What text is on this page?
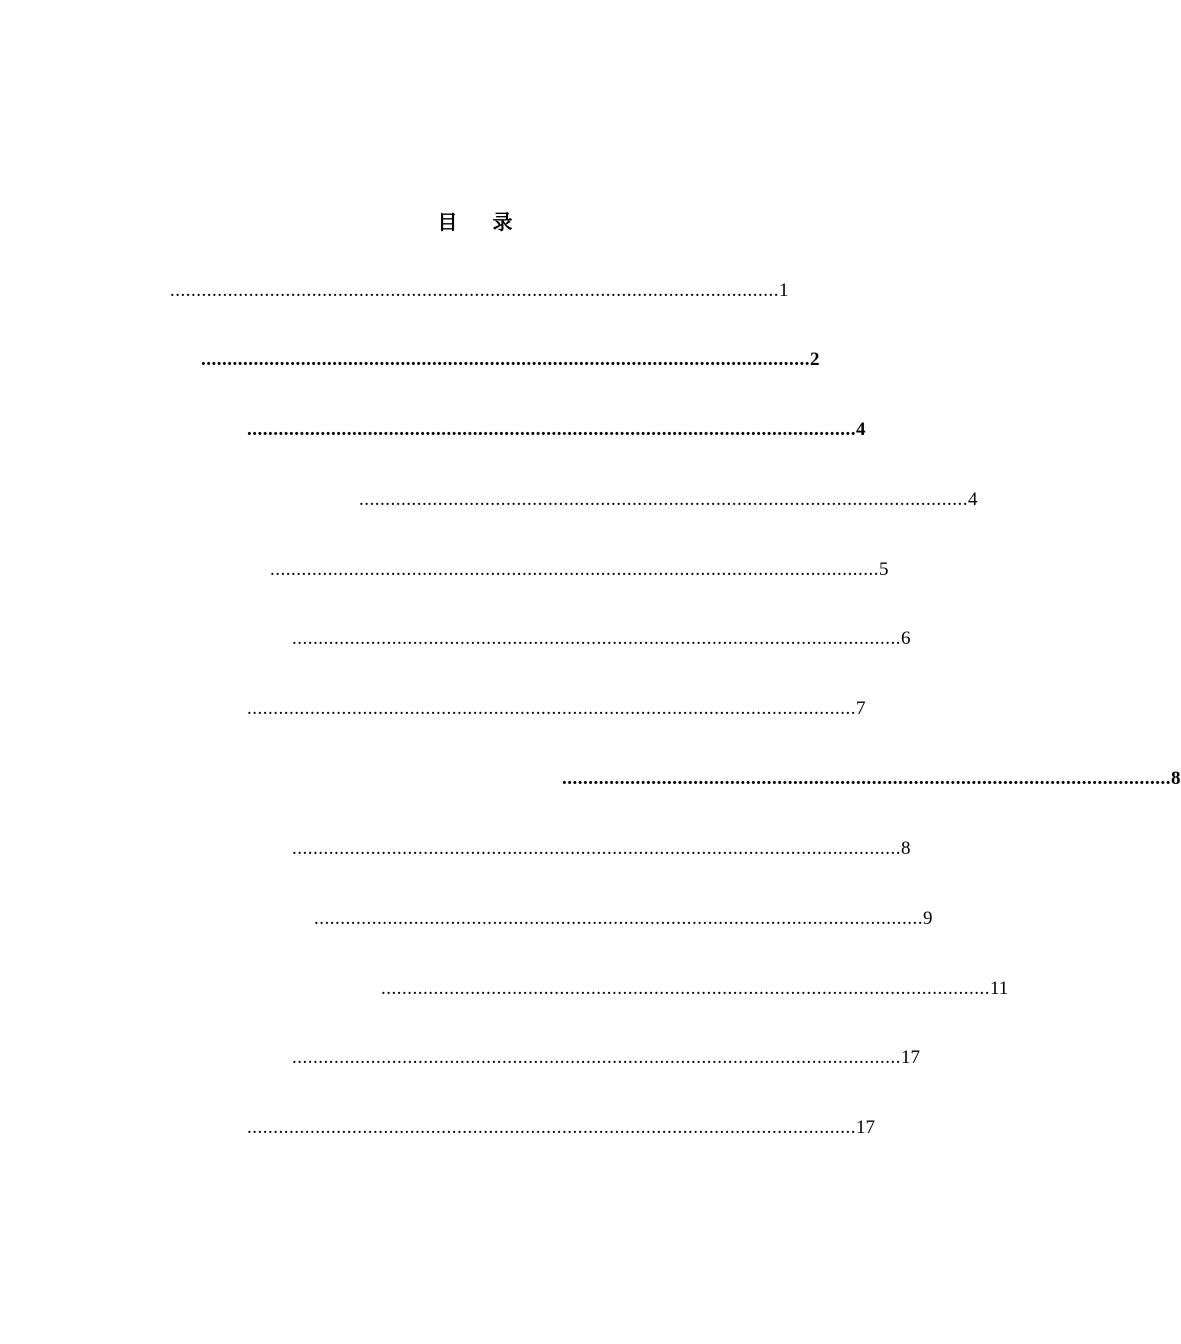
目 录
.................................................................................................................... 1
.................................................................................................................... 2
.................................................................................................................... 4
.................................................................................................................... 4
.................................................................................................................... 5
.................................................................................................................... 6
.................................................................................................................... 7
.................................................................................................................... 8
.................................................................................................................... 8
.................................................................................................................... 9
.................................................................................................................... 11
.................................................................................................................... 17
.................................................................................................................... 17
